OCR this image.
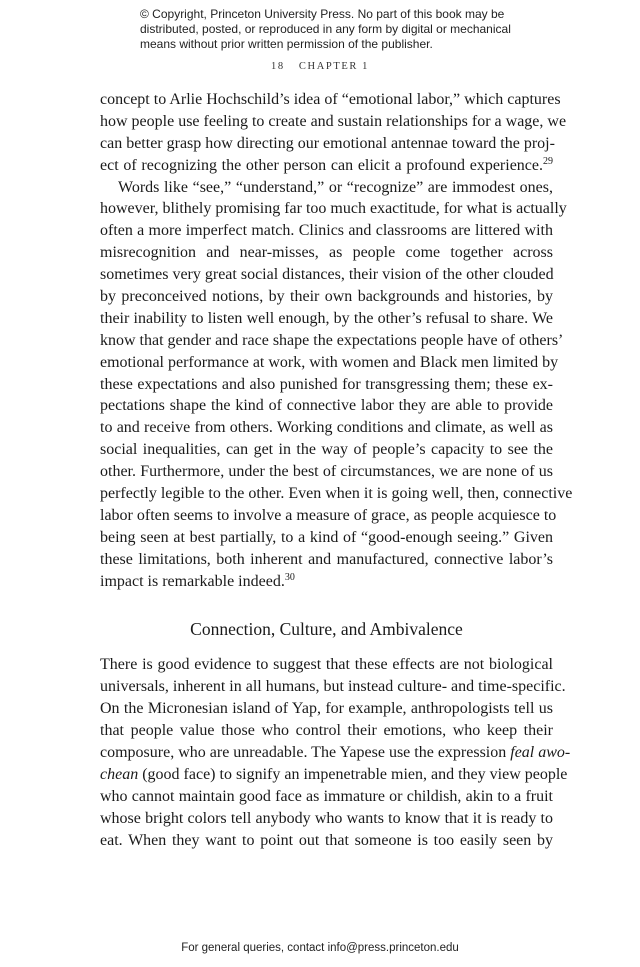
© Copyright, Princeton University Press. No part of this book may be
distributed, posted, or reproduced in any form by digital or mechanical
means without prior written permission of the publisher.
18 CHAPTER 1

concept to Arlie Hochschild’s idea of “emotional labor,” which captures
how people use feeling to create and sustain relationships for a wage, we
can better grasp how directing our emotional antennae toward the proj-
ect of recognizing the other person can elicit a profound experience.$^{29}$

Words like “see,” “understand,” or “recognize” are immodest ones,
however, blithely promising far too much exactitude, for what is actually
often a more imperfect match. Clinics and classrooms are littered with
misrecognition and near-misses, as people come together across
sometimes very great social distances, their vision of the other clouded
by preconceived notions, by their own backgrounds and histories, by
their inability to listen well enough, by the other’s refusal to share. We
know that gender and race shape the expectations people have of others’
emotional performance at work, with women and Black men limited by
these expectations and also punished for transgressing them; these ex-
pectations shape the kind of connective labor they are able to provide
to and receive from others. Working conditions and climate, as well as
social inequalities, can get in the way of people’s capacity to see the
other. Furthermore, under the best of circumstances, we are none of us
perfectly legible to the other. Even when it is going well, then, connective
labor often seems to involve a measure of grace, as people acquiesce to
being seen at best partially, to a kind of “good-enough seeing.” Given
these limitations, both inherent and manufactured, connective labor’s
impact is remarkable indeed.$^{30}$

Connection, Culture, and Ambivalence

There is good evidence to suggest that these effects are not biological
universals, inherent in all humans, but instead culture- and time-specific.
On the Micronesian island of Yap, for example, anthropologists tell us
that people value those who control their emotions, who keep their
composure, who are unreadable. The Yapese use the expression feal awo-
chean (good face) to signify an impenetrable mien, and they view people
who cannot maintain good face as immature or childish, akin to a fruit
whose bright colors tell anybody who wants to know that it is ready to
eat. When they want to point out that someone is too easily seen by

For general queries, contact info@press.princeton.edu
